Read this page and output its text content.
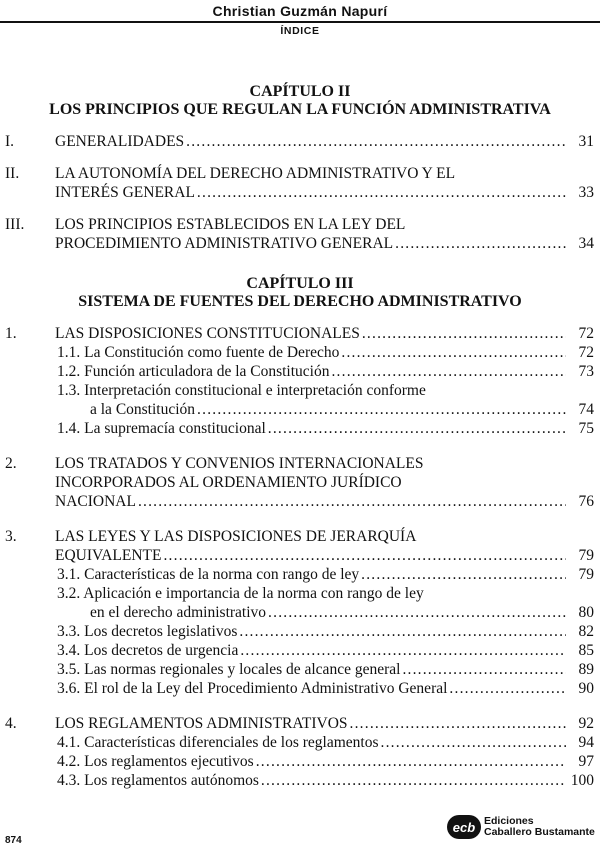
Christian Guzmán Napurí
ÍNDICE
CAPÍTULO II
LOS PRINCIPIOS QUE REGULAN LA FUNCIÓN ADMINISTRATIVA
CAPÍTULO III
SISTEMA DE FUENTES DEL DERECHO ADMINISTRATIVO
I.	GENERALIDADES .....	31
II. LA AUTONOMÍA DEL DERECHO ADMINISTRATIVO Y EL
INTERÉS GENERAL .....	33
III. LOS PRINCIPIOS ESTABLECIDOS EN LA LEY DEL
PROCEDIMIENTO ADMINISTRATIVO GENERAL .....	34
1. LAS DISPOSICIONES CONSTITUCIONALES .....	72
1.1. La Constitución como fuente de Derecho .....	72
1.2. Función articuladora de la Constitución .....	73
1.3. Interpretación constitucional e interpretación conforme
a la Constitución .....	74
1.4. La supremacía constitucional .....	75
2. LOS TRATADOS Y CONVENIOS INTERNACIONALES
INCORPORADOS AL ORDENAMIENTO JURÍDICO
NACIONAL .....	76
3. LAS LEYES Y LAS DISPOSICIONES DE JERARQUÍA
EQUIVALENTE .....	79
3.1. Características de la norma con rango de ley .....	79
3.2. Aplicación e importancia de la norma con rango de ley
en el derecho administrativo .....	80
3.3. Los decretos legislativos .....	82
3.4. Los decretos de urgencia .....	85
3.5. Las normas regionales y locales de alcance general .....	89
3.6. El rol de la Ley del Procedimiento Administrativo General .....	90
4. LOS REGLAMENTOS ADMINISTRATIVOS .....	92
4.1. Características diferenciales de los reglamentos .....	94
4.2. Los reglamentos ejecutivos .....	97
4.3. Los reglamentos autónomos .....	100
874
ecb Ediciones
Caballero Bustamante
